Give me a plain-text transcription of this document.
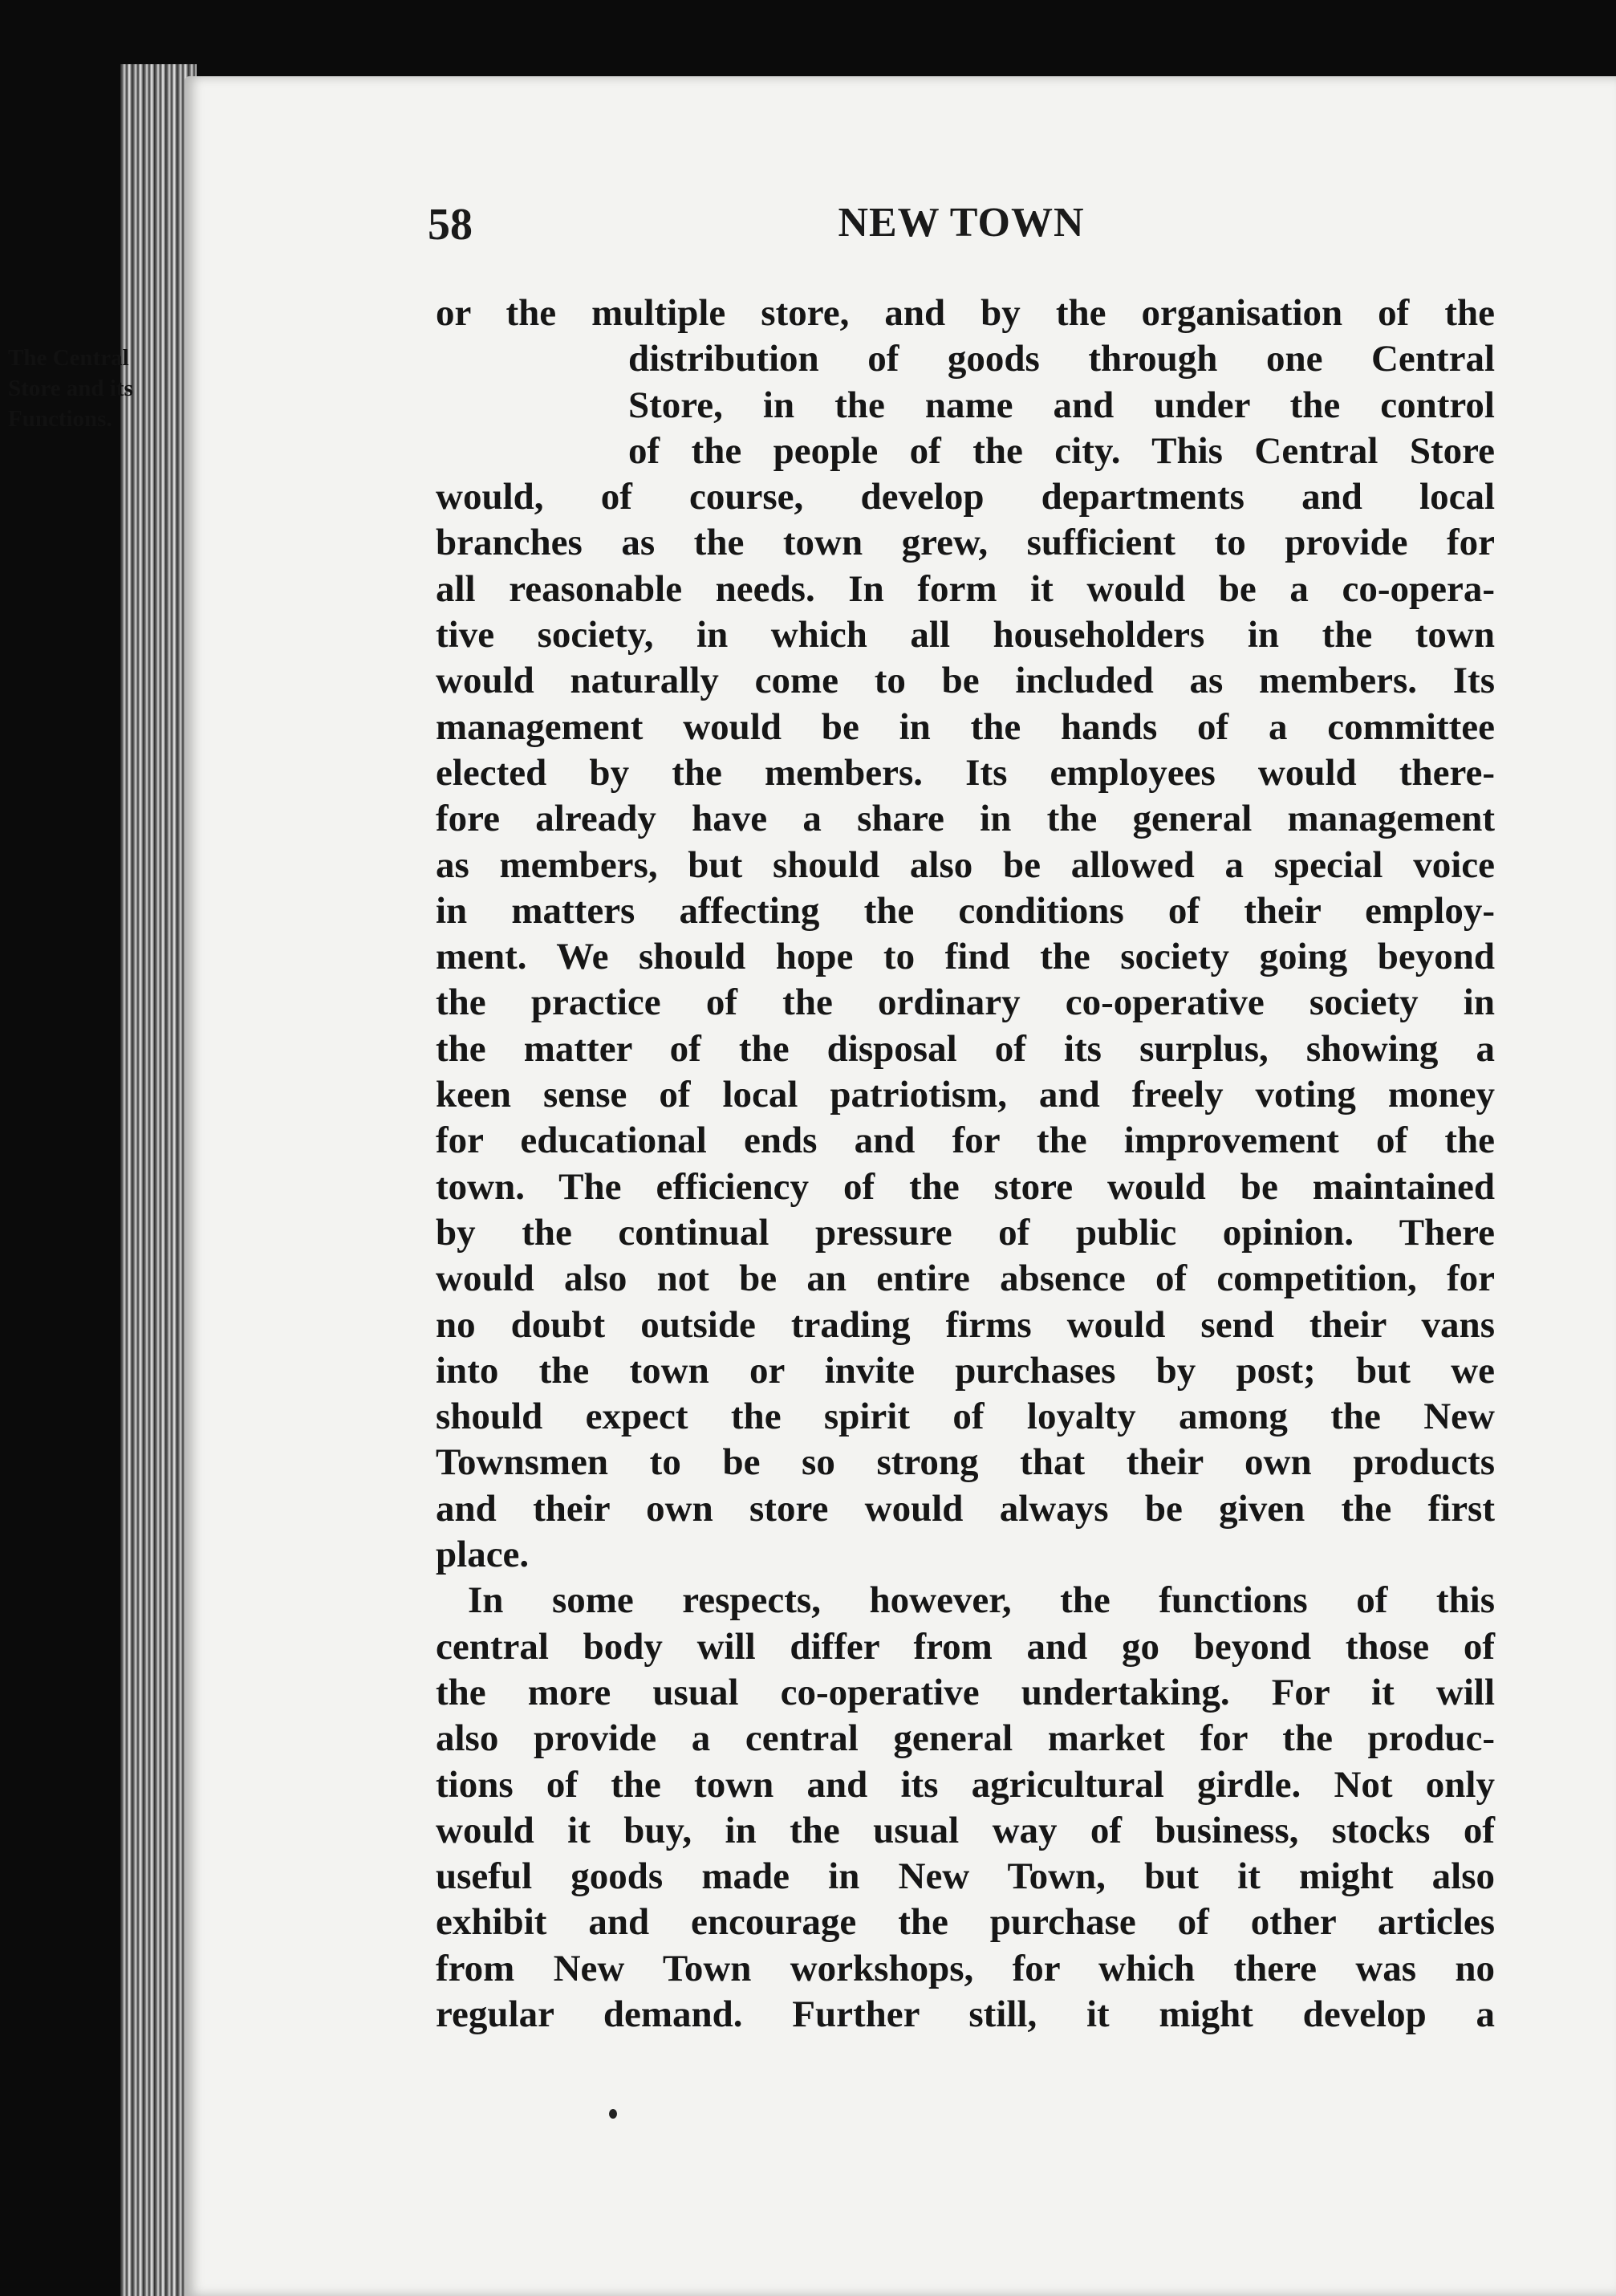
58	NEW TOWN
The Central
Store and its
Functions.
or the multiple store, and by the organisation of the
distribution of goods through one Central
Store, in the name and under the control
of the people of the city. This Central Store
would, of course, develop departments and local
branches as the town grew, sufficient to provide for
all reasonable needs. In form it would be a co-opera-
tive society, in which all householders in the town
would naturally come to be included as members. Its
management would be in the hands of a committee
elected by the members. Its employees would there-
fore already have a share in the general management
as members, but should also be allowed a special voice
in matters affecting the conditions of their employ-
ment. We should hope to find the society going beyond
the practice of the ordinary co-operative society in
the matter of the disposal of its surplus, showing a
keen sense of local patriotism, and freely voting money
for educational ends and for the improvement of the
town. The efficiency of the store would be maintained
by the continual pressure of public opinion. There
would also not be an entire absence of competition, for
no doubt outside trading firms would send their vans
into the town or invite purchases by post; but we
should expect the spirit of loyalty among the New
Townsmen to be so strong that their own products
and their own store would always be given the first
place.
In some respects, however, the functions of this
central body will differ from and go beyond those of
the more usual co-operative undertaking. For it will
also provide a central general market for the produc-
tions of the town and its agricultural girdle. Not only
would it buy, in the usual way of business, stocks of
useful goods made in New Town, but it might also
exhibit and encourage the purchase of other articles
from New Town workshops, for which there was no
regular demand. Further still, it might develop a
